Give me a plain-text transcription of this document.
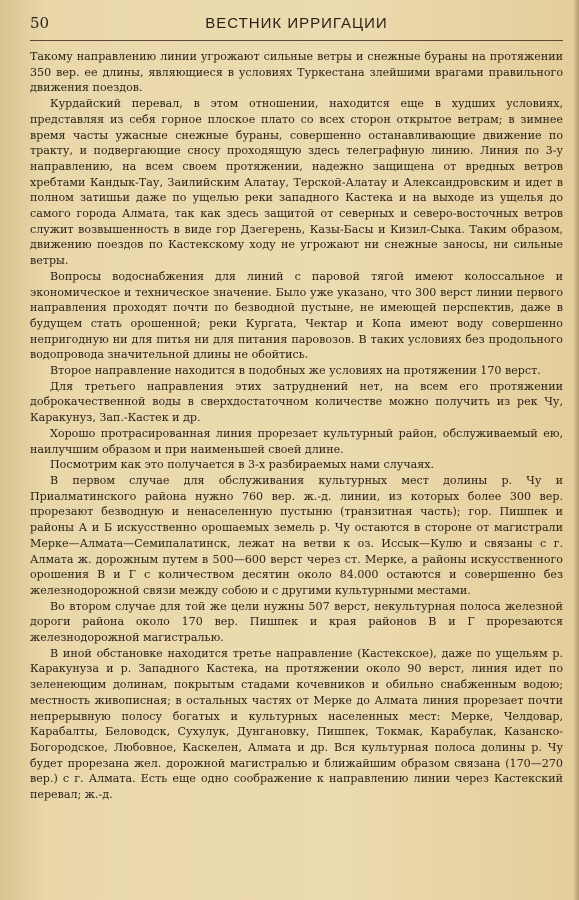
50	ВЕСТНИК ИРРИГАЦИИ

Такому направлению линии угрожают сильные ветры и снежные бураны на протяжении 350 вер. ее длины, являющиеся в условиях Туркестана злейшими врагами правильного движения поездов.

Курдайский перевал, в этом отношении, находится еще в худших условиях, представляя из себя горное плоское плато со всех сторон открытое ветрам; в зимнее время часты ужасные снежные бураны, совершенно останавливающие движение по тракту, и подвергающие сносу проходящую здесь телеграфную линию. Линия по 3-у направлению, на всем своем протяжении, надежно защищена от вредных ветров хребтами Кандык-Тау, Заилийским Алатау, Терской-Алатау и Александровским и идет в полном затишьи даже по ущелью реки западного Кастека и на выходе из ущелья до самого города Алмата, так как здесь защитой от северных и северо-восточных ветров служит возвышенность в виде гор Дзегерень, Казы-Басы и Кизил-Сыка. Таким образом, движению поездов по Кастекскому ходу не угрожают ни снежные заносы, ни сильные ветры.

Вопросы водоснабжения для линий с паровой тягой имеют колоссальное и экономическое и техническое значение. Было уже указано, что 300 верст линии первого направления проходят почти по безводной пустыне, не имеющей перспектив, даже в будущем стать орошенной; реки Кургата, Чектар и Копа имеют воду совершенно непригодную ни для питья ни для питания паровозов. В таких условиях без продольного водопровода значительной длины не обойтись.

Второе направление находится в подобных же условиях на протяжении 170 верст.

Для третьего направления этих затруднений нет, на всем его протяжении доброкачественной воды в сверхдостаточном количестве можно получить из рек Чу, Каракунуз, Зап.-Кастек и др.

Хорошо протрасированная линия прорезает культурный район, обслуживаемый ею, наилучшим образом и при наименьшей своей длине.

Посмотрим как это получается в 3-х разбираемых нами случаях.

В первом случае для обслуживания культурных мест долины р. Чу и Приалматинского района нужно 760 вер. ж.-д. линии, из которых более 300 вер. прорезают безводную и ненаселенную пустыню (транзитная часть); гор. Пишпек и районы А и Б искусственно орошаемых земель р. Чу остаются в стороне от магистрали Мерке—Алмата—Семипалатинск, лежат на ветви к оз. Иссык—Кулю и связаны с г. Алмата ж. дорожным путем в 500—600 верст через ст. Мерке, а районы искусственного орошения В и Г с количеством десятин около 84.000 остаются и совершенно без железнодорожной связи между собою и с другими культурными местами.

Во втором случае для той же цели нужны 507 верст, некультурная полоса железной дороги района около 170 вер. Пишпек и края районов В и Г прорезаются железнодорожной магистралью.

В иной обстановке находится третье направление (Кастекское), даже по ущельям р. Каракунуза и р. Западного Кастека, на протяжении около 90 верст, линия идет по зеленеющим долинам, покрытым стадами кочевников и обильно снабженным водою; местность живописная; в остальных частях от Мерке до Алмата линия прорезает почти непрерывную полосу богатых и культурных населенных мест: Мерке, Челдовар, Карабалты, Беловодск, Сухулук, Дунгановку, Пишпек, Токмак, Карабулак, Казанско-Богородское, Любовное, Каскелен, Алмата и др. Вся культурная полоса долины р. Чу будет прорезана жел. дорожной магистралью и ближайшим образом связана (170—270 вер.) с г. Алмата. Есть еще одно соображение к направлению линии через Кастекский перевал; ж.-д.
